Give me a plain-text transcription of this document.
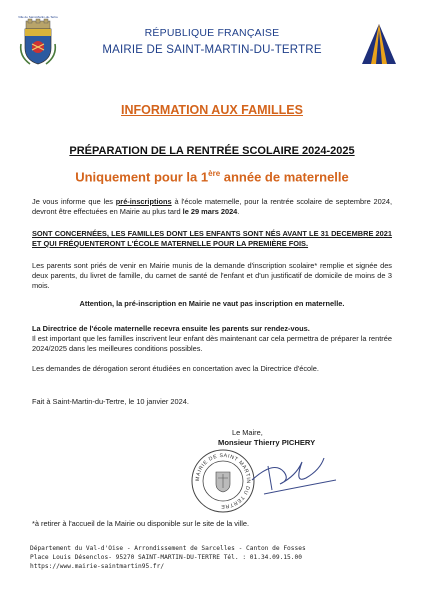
Ville de Saint-Martin-du-Tertre
RÉPUBLIQUE FRANÇAISE
MAIRIE DE SAINT-MARTIN-DU-TERTRE
INFORMATION AUX FAMILLES
PRÉPARATION DE LA RENTRÉE SCOLAIRE 2024-2025
Uniquement pour la 1ère année de maternelle
Je vous informe que les pré-inscriptions à l'école maternelle, pour la rentrée scolaire de septembre 2024, devront être effectuées en Mairie au plus tard le 29 mars 2024.
SONT CONCERNÉES, LES FAMILLES DONT LES ENFANTS SONT NÉS AVANT LE 31 DECEMBRE 2021 ET QUI FRÉQUENTERONT L'ÉCOLE MATERNELLE POUR LA PREMIÈRE FOIS.
Les parents sont priés de venir en Mairie munis de la demande d'inscription scolaire* remplie et signée des deux parents, du livret de famille, du carnet de santé de l'enfant et d'un justificatif de domicile de moins de 3 mois.
Attention, la pré-inscription en Mairie ne vaut pas inscription en maternelle.
La Directrice de l'école maternelle recevra ensuite les parents sur rendez-vous.
Il est important que les familles inscrivent leur enfant dès maintenant car cela permettra de préparer la rentrée 2024/2025 dans les meilleures conditions possibles.
Les demandes de dérogation seront étudiées en concertation avec la Directrice d'école.
Fait à Saint-Martin-du-Tertre, le 10 janvier 2024.
Le Maire,
Monsieur Thierry PICHERY
MAIRIE DE SAINT MARTIN DU TERTRE
*à retirer à l'accueil de la Mairie ou disponible sur le site de la ville.
Département du Val-d'Oise - Arrondissement de Sarcelles - Canton de Fosses
Place Louis Désenclos- 95270 SAINT-MARTIN-DU-TERTRE Tél. : 01.34.09.15.00
https://www.mairie-saintmartin95.fr/
